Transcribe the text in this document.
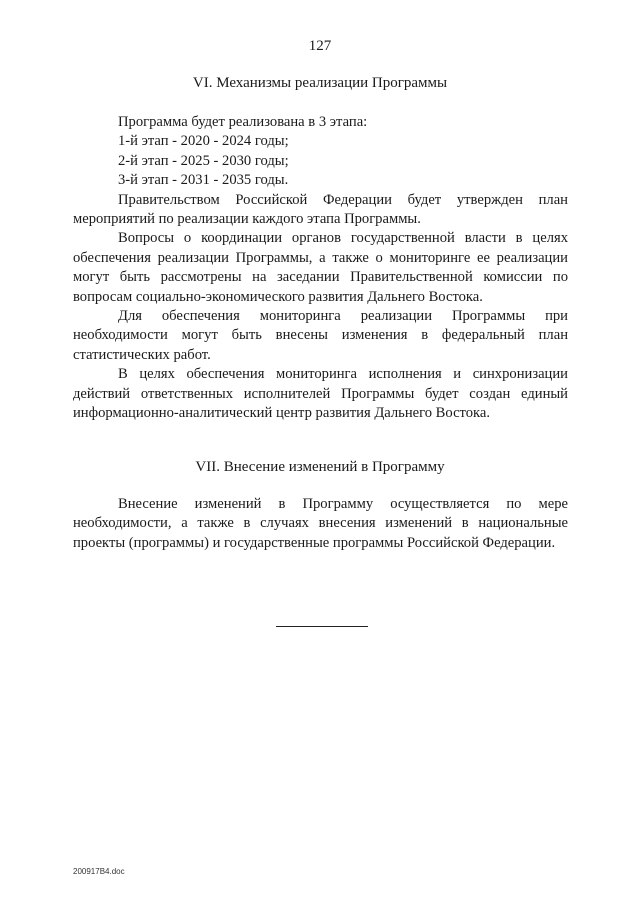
127
VI. Механизмы реализации Программы

Программа будет реализована в 3 этапа:

1-й этап - 2020 - 2024 годы;

2-й этап - 2025 - 2030 годы;

3-й этап - 2031 - 2035 годы.

Правительством Российской Федерации будет утвержден план мероприятий по реализации каждого этапа Программы.

Вопросы о координации органов государственной власти в целях обеспечения реализации Программы, а также о мониторинге ее реализации могут быть рассмотрены на заседании Правительственной комиссии по вопросам социально-экономического развития Дальнего Востока.

Для обеспечения мониторинга реализации Программы при необходимости могут быть внесены изменения в федеральный план статистических работ.

В целях обеспечения мониторинга исполнения и синхронизации действий ответственных исполнителей Программы будет создан единый информационно-аналитический центр развития Дальнего Востока.

VII. Внесение изменений в Программу

Внесение изменений в Программу осуществляется по мере необходимости, а также в случаях внесения изменений в национальные проекты (программы) и государственные программы Российской Федерации.

200917B4.doc
